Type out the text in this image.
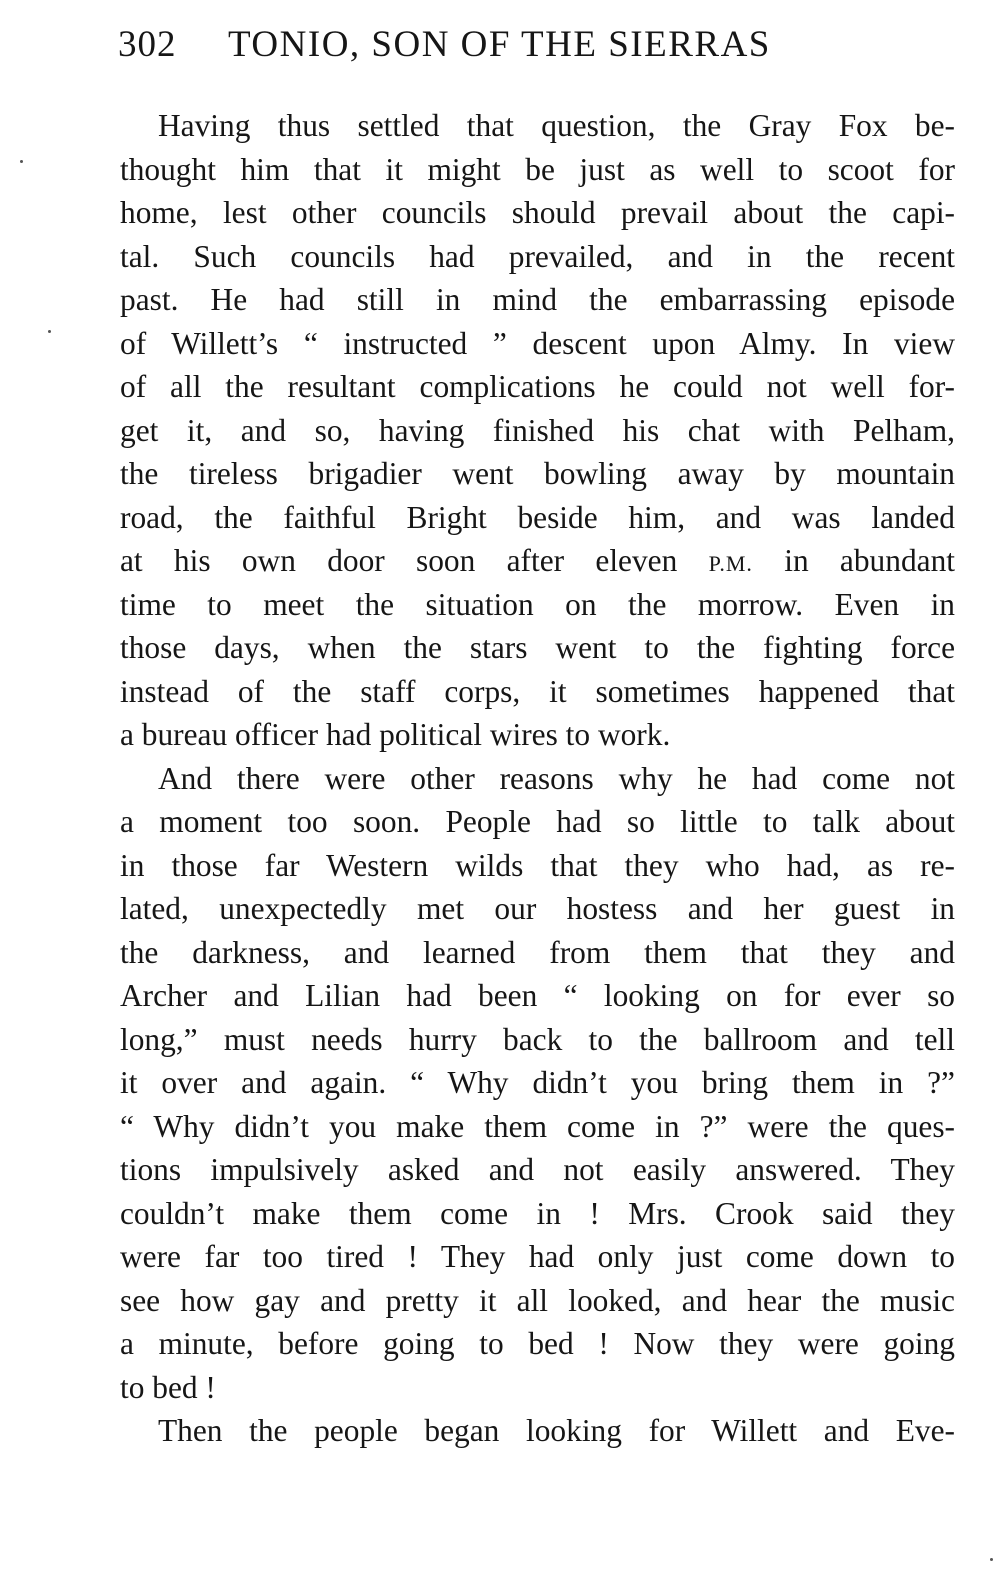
302 TONIO, SON OF THE SIERRAS
Having thus settled that question, the Gray Fox be-
thought him that it might be just as well to scoot for
home, lest other councils should prevail about the capi-
tal. Such councils had prevailed, and in the recent
past. He had still in mind the embarrassing episode
of Willett’s “ instructed ” descent upon Almy. In view
of all the resultant complications he could not well for-
get it, and so, having finished his chat with Pelham,
the tireless brigadier went bowling away by mountain
road, the faithful Bright beside him, and was landed
at his own door soon after eleven P.M. in abundant
time to meet the situation on the morrow. Even in
those days, when the stars went to the fighting force
instead of the staff corps, it sometimes happened that
a bureau officer had political wires to work.
And there were other reasons why he had come not
a moment too soon. People had so little to talk about
in those far Western wilds that they who had, as re-
lated, unexpectedly met our hostess and her guest in
the darkness, and learned from them that they and
Archer and Lilian had been “ looking on for ever so
long,” must needs hurry back to the ballroom and tell
it over and again. “ Why didn’t you bring them in ?”
“ Why didn’t you make them come in ?” were the ques-
tions impulsively asked and not easily answered. They
couldn’t make them come in ! Mrs. Crook said they
were far too tired ! They had only just come down to
see how gay and pretty it all looked, and hear the music
a minute, before going to bed ! Now they were going
to bed !
Then the people began looking for Willett and Eve-
